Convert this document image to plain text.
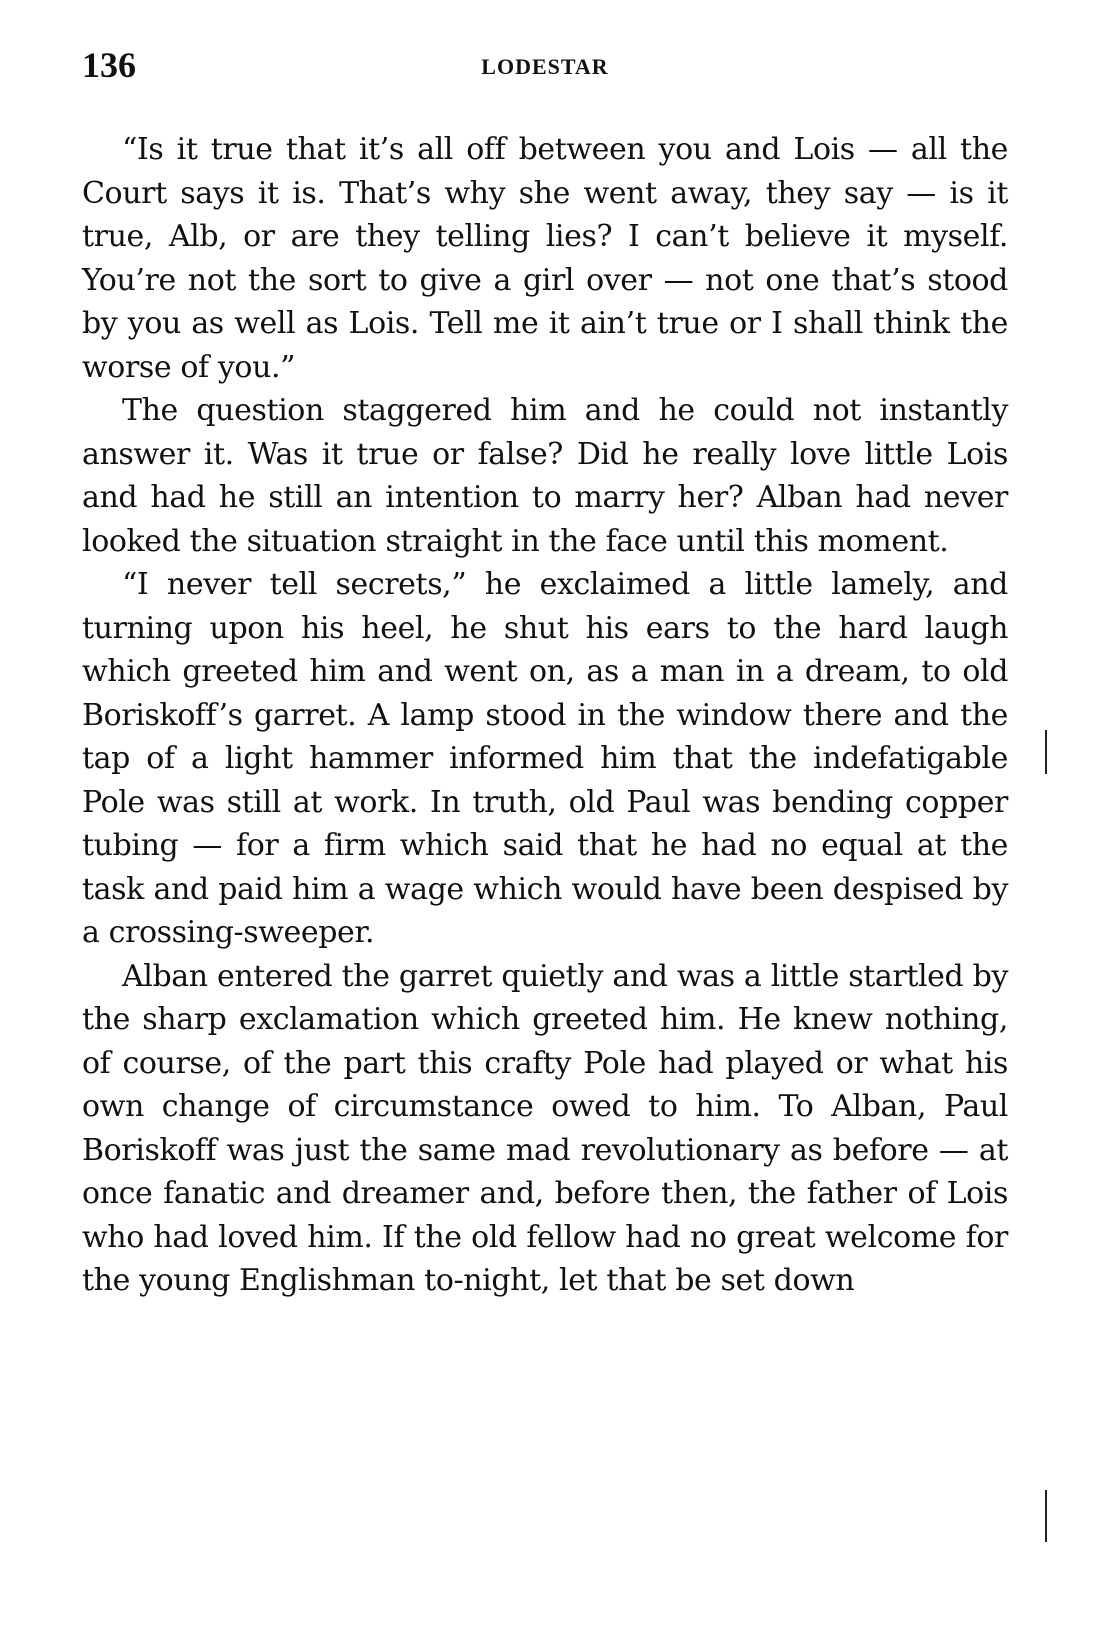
136	LODESTAR

“Is it true that it’s all off between you and Lois — all the Court says it is. That’s why she went away, they say — is it true, Alb, or are they telling lies? I can’t believe it myself. You’re not the sort to give a girl over — not one that’s stood by you as well as Lois. Tell me it ain’t true or I shall think the worse of you.”

The question staggered him and he could not instantly answer it. Was it true or false? Did he really love little Lois and had he still an intention to marry her? Alban had never looked the situation straight in the face until this moment.

“I never tell secrets,” he exclaimed a little lamely, and turning upon his heel, he shut his ears to the hard laugh which greeted him and went on, as a man in a dream, to old Boriskoff’s garret. A lamp stood in the window there and the tap of a light hammer informed him that the indefatigable Pole was still at work. In truth, old Paul was bending copper tubing — for a firm which said that he had no equal at the task and paid him a wage which would have been despised by a crossing-sweeper.

Alban entered the garret quietly and was a little startled by the sharp exclamation which greeted him. He knew nothing, of course, of the part this crafty Pole had played or what his own change of circumstance owed to him. To Alban, Paul Boriskoff was just the same mad revolutionary as before — at once fanatic and dreamer and, before then, the father of Lois who had loved him. If the old fellow had no great welcome for the young Englishman to-night, let that be set down
